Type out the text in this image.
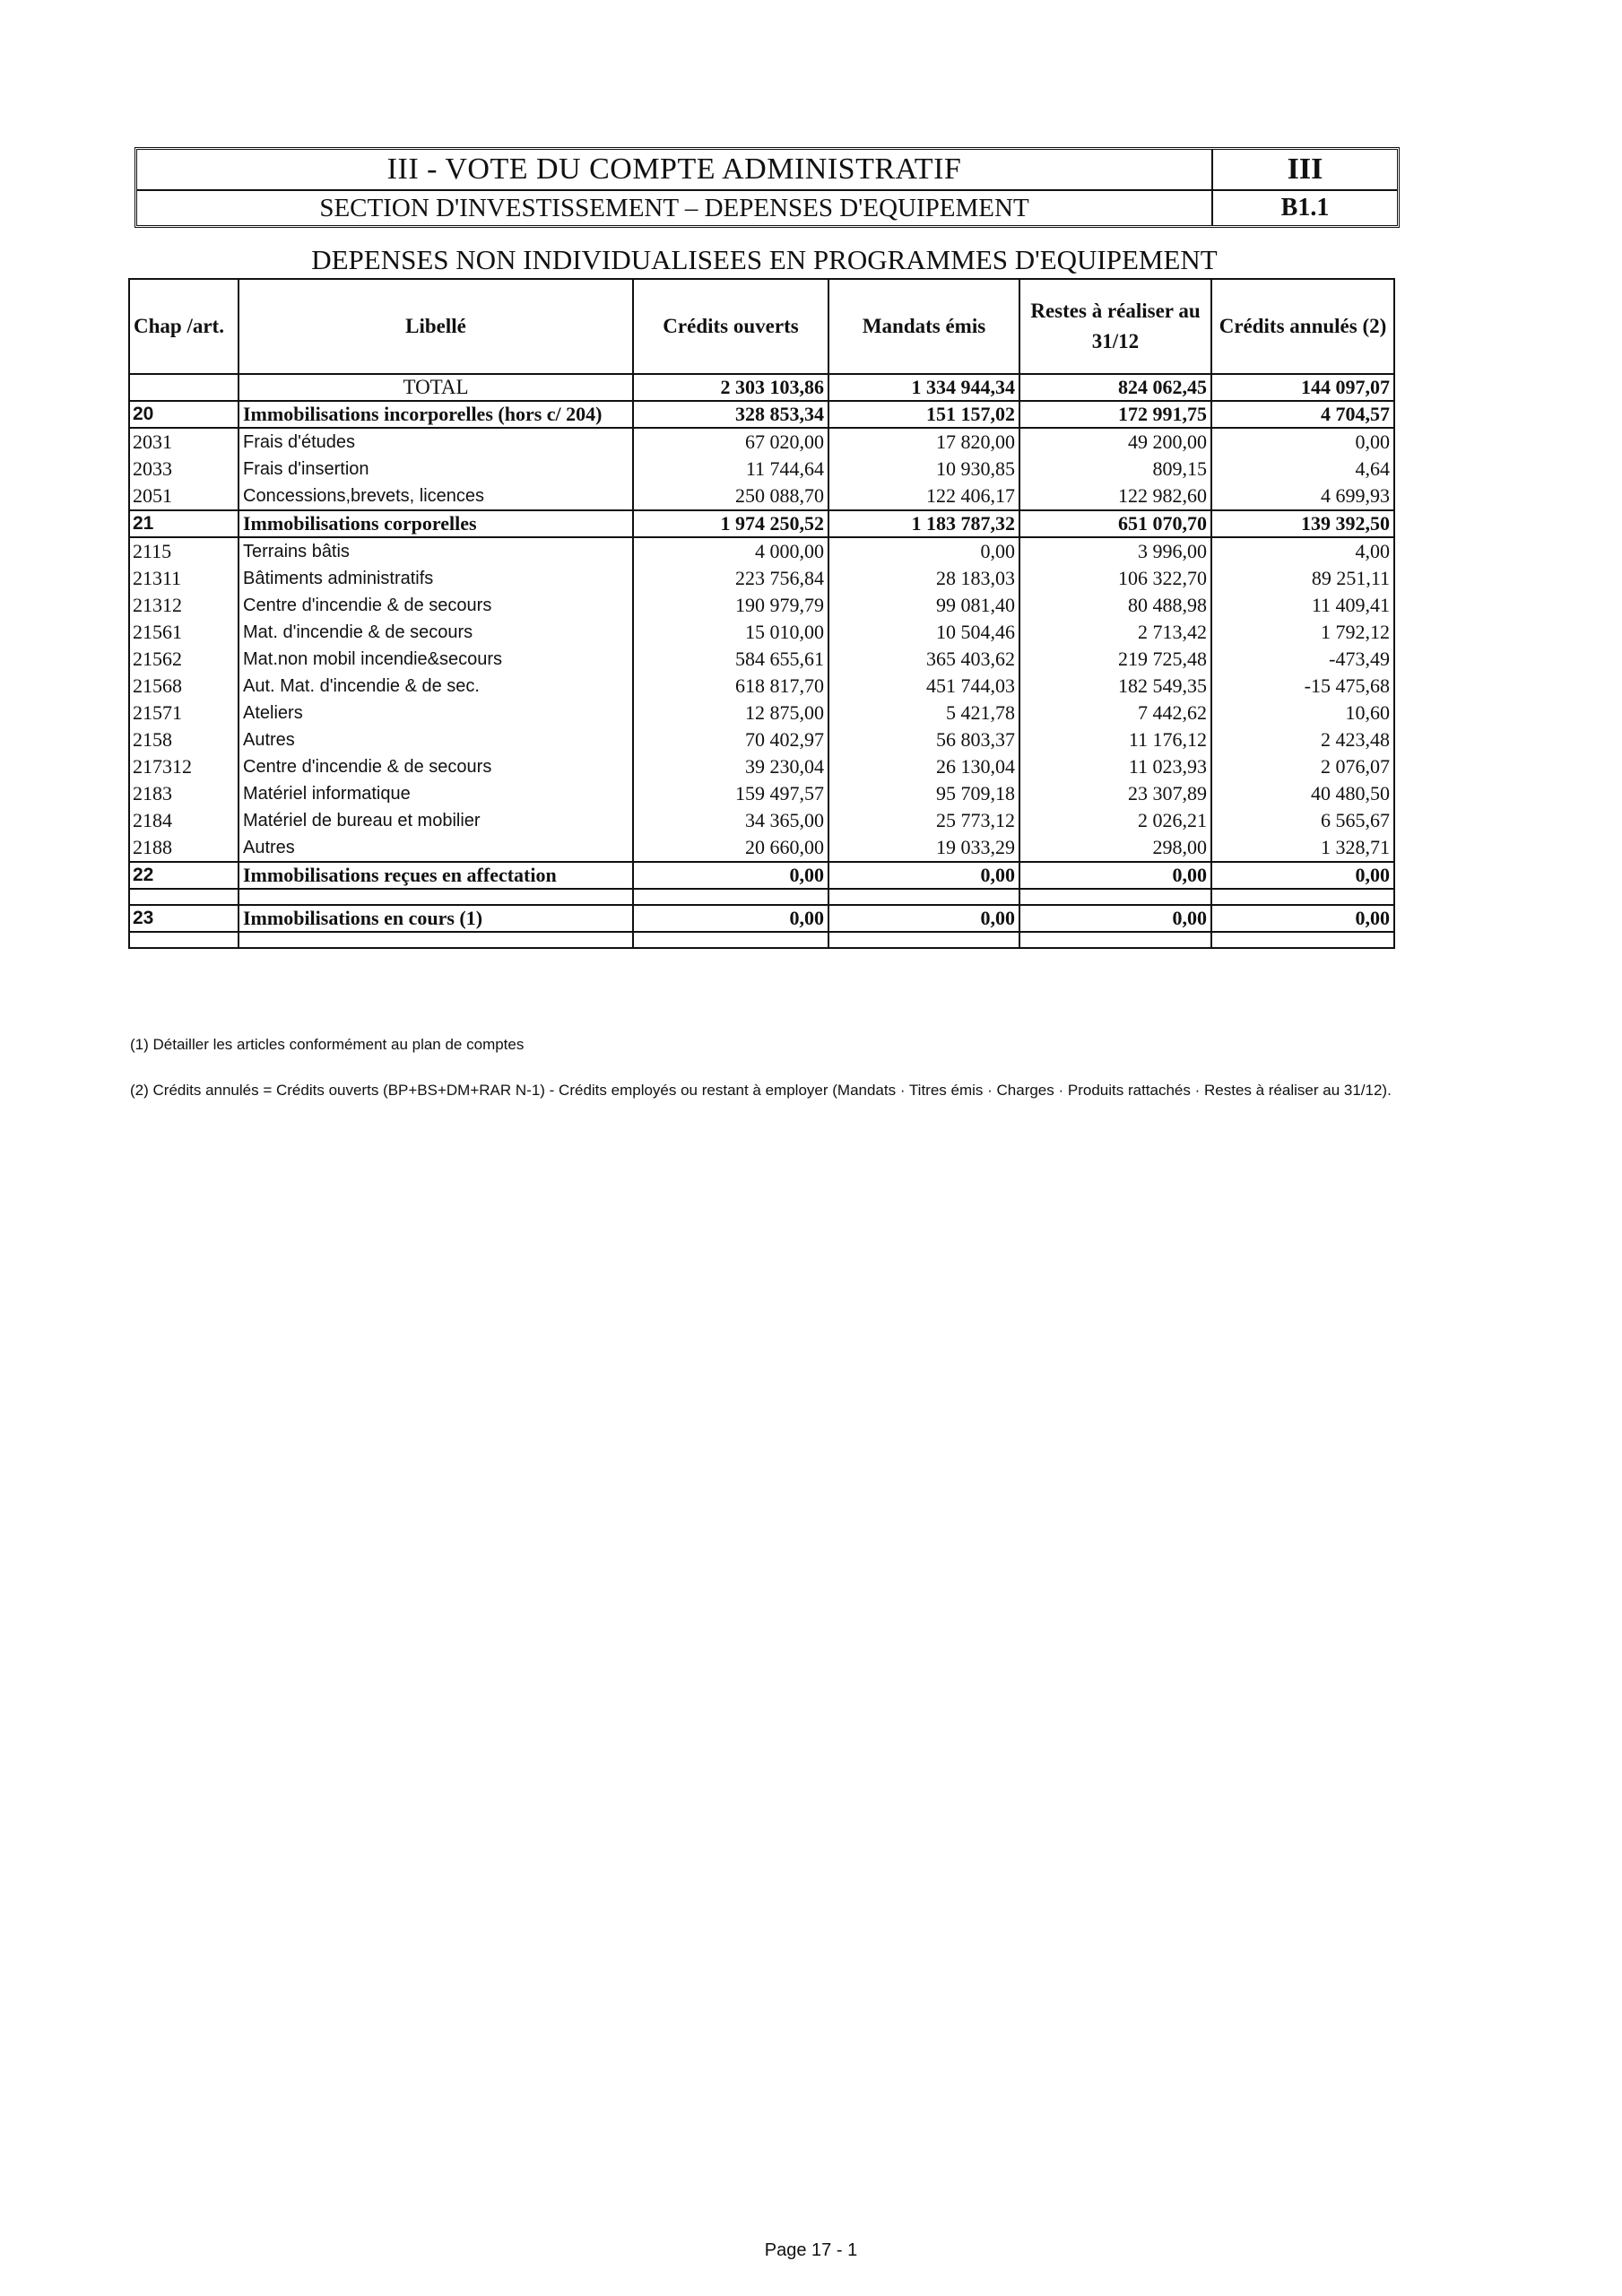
III - VOTE DU COMPTE ADMINISTRATIF
SECTION D'INVESTISSEMENT – DEPENSES D'EQUIPEMENT
III
B1.1
DEPENSES NON INDIVIDUALISEES EN PROGRAMMES D'EQUIPEMENT
Chap /art.	Libellé	Crédits ouverts	Mandats émis	Restes à réaliser au 31/12	Crédits annulés (2)
	TOTAL	2 303 103,86	1 334 944,34	824 062,45	144 097,07
20	Immobilisations incorporelles (hors c/ 204)	328 853,34	151 157,02	172 991,75	4 704,57
2031	Frais d'études	67 020,00	17 820,00	49 200,00	0,00
2033	Frais d'insertion	11 744,64	10 930,85	809,15	4,64
2051	Concessions,brevets, licences	250 088,70	122 406,17	122 982,60	4 699,93
21	Immobilisations corporelles	1 974 250,52	1 183 787,32	651 070,70	139 392,50
2115	Terrains bâtis	4 000,00	0,00	3 996,00	4,00
21311	Bâtiments administratifs	223 756,84	28 183,03	106 322,70	89 251,11
21312	Centre d'incendie & de secours	190 979,79	99 081,40	80 488,98	11 409,41
21561	Mat. d'incendie & de secours	15 010,00	10 504,46	2 713,42	1 792,12
21562	Mat.non mobil incendie&secours	584 655,61	365 403,62	219 725,48	-473,49
21568	Aut. Mat. d'incendie & de sec.	618 817,70	451 744,03	182 549,35	-15 475,68
21571	Ateliers	12 875,00	5 421,78	7 442,62	10,60
2158	Autres	70 402,97	56 803,37	11 176,12	2 423,48
217312	Centre d'incendie & de secours	39 230,04	26 130,04	11 023,93	2 076,07
2183	Matériel informatique	159 497,57	95 709,18	23 307,89	40 480,50
2184	Matériel de bureau et mobilier	34 365,00	25 773,12	2 026,21	6 565,67
2188	Autres	20 660,00	19 033,29	298,00	1 328,71
22	Immobilisations reçues en affectation	0,00	0,00	0,00	0,00

23	Immobilisations en cours (1)	0,00	0,00	0,00	0,00

(1) Détailler les articles conformément au plan de comptes
(2) Crédits annulés = Crédits ouverts (BP+BS+DM+RAR N-1) - Crédits employés ou restant à employer (Mandats · Titres émis · Charges · Produits rattachés · Restes à réaliser au 31/12).
Page 17 - 1
